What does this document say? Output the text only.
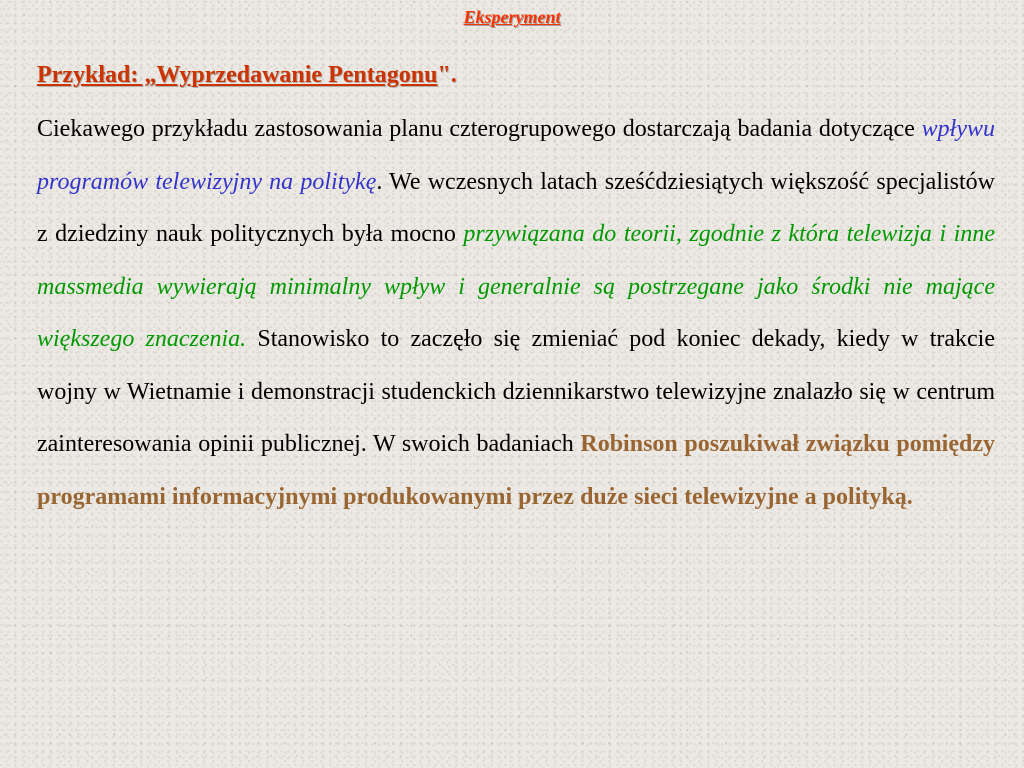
Eksperyment
Przykład: „Wyprzedawanie Pentagonu".
Ciekawego przykładu zastosowania planu czterogrupowego dostarczają badania dotyczące wpływu programów telewizyjny na politykę. We wczesnych latach sześćdziesiątych większość specjalistów z dziedziny nauk politycznych była mocno przywiązana do teorii, zgodnie z która telewizja i inne massmedia wywierają minimalny wpływ i generalnie są postrzegane jako środki nie mające większego znaczenia. Stanowisko to zaczęło się zmieniać pod koniec dekady, kiedy w trakcie wojny w Wietnamie i demonstracji studenckich dziennikarstwo telewizyjne znalazło się w centrum zainteresowania opinii publicznej. W swoich badaniach Robinson poszukiwał związku pomiędzy programami informacyjnymi produkowanymi przez duże sieci telewizyjne a polityką.
